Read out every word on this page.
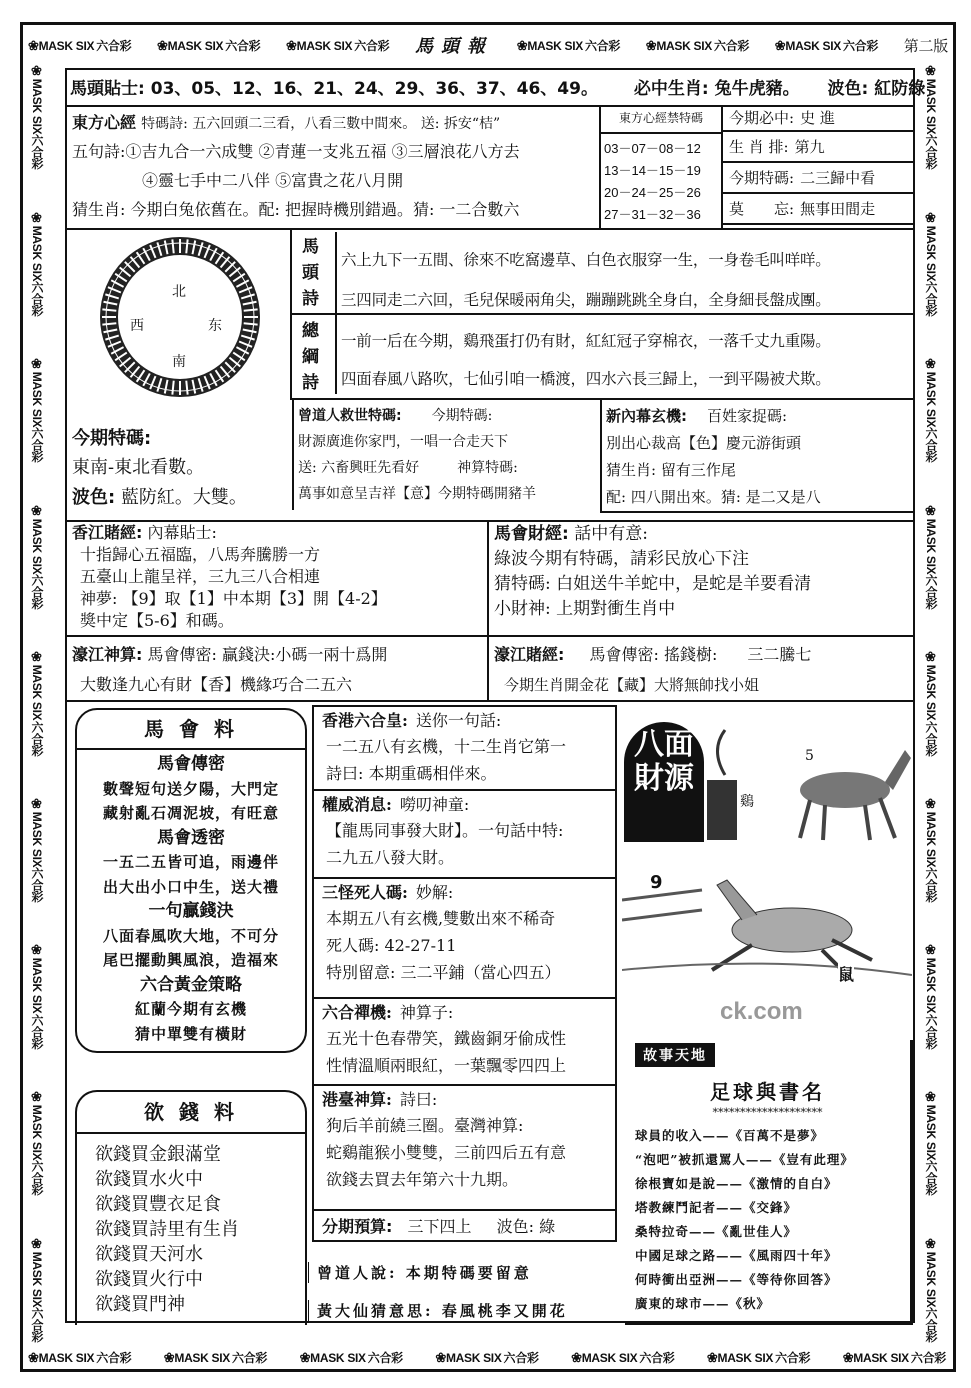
❀MASK SIX 六合彩 ❀MASK SIX 六合彩 ❀MASK SIX 六合彩 馬頭報 ❀MASK SIX 六合彩 ❀MASK SIX 六合彩 ❀MASK SIX 六合彩 第二版
❀MASK SIX 六合彩 ❀MASK SIX 六合彩 ❀MASK SIX 六合彩 ❀MASK SIX 六合彩 ❀MASK SIX 六合彩 ❀MASK SIX 六合彩 ❀MASK SIX 六合彩
❀MASK SIX六合彩
❀MASK SIX六合彩
❀MASK SIX六合彩
❀MASK SIX六合彩
❀MASK SIX六合彩
❀MASK SIX六合彩
❀MASK SIX六合彩
❀MASK SIX六合彩
❀MASK SIX六合彩
❀MASK SIX六合彩
❀MASK SIX六合彩
❀MASK SIX六合彩
❀MASK SIX六合彩
❀MASK SIX六合彩
❀MASK SIX六合彩
❀MASK SIX六合彩
❀MASK SIX六合彩
❀MASK SIX六合彩
馬頭貼士: 03、05、12、16、21、24、29、36、37、46、49。 必中生肖: 兔牛虎豬。 波色: 紅防綠
東方心經 特碼詩: 五六回頭二三看，八看三數中間來。 送: 拆安“桔”
五句詩:①吉九合一六成雙 ②青蓮一支兆五福 ③三層浪花八方去
④靈七手中二八伴 ⑤富貴之花八月開
猜生肖: 今期白兔依舊在。配: 把握時機別錯過。猜: 一二合數六
東方心經禁特碼
03－07－08－12
13－14－15－19
20－24－25－26
27－31－32－36
今期必中: 史 進
生 肖 排: 第九
今期特碼: 二三歸中看
莫　　忘: 無事田間走
北
西	东
南
馬
頭
詩
六上九下一五間、徐來不吃窩邊草、白色衣服穿一生，一身卷毛叫咩咩。
三四同走二六回，毛兒保暖兩角尖，蹦蹦跳跳全身白，全身細長盤成團。
總
綱
詩
一前一后在今期，鷄飛蛋打仍有財，紅紅冠子穿棉衣，一落千丈九重陽。
四面春風八路吹，七仙引咱一橋渡，四水六長三歸上，一到平陽被犬欺。
今期特碼:
東南-東北看數。
波色: 藍防紅。大雙。
曾道人救世特碼: 今期特碼:
財源廣進你家門，一唱一合走天下
送: 六畜興旺先看好	神算特碼:
萬事如意呈吉祥【意】今期特碼開豬羊
新內幕玄機: 百姓家捉碼:
別出心裁高【色】慶元游街頭
猜生肖: 留有三作尾
配: 四八開出來。猜: 是二又是八
香江賭經: 內幕貼士:
十指歸心五福臨，八馬奔騰勝一方
五臺山上龍呈祥，三九三八合相連
神夢: 【9】取【1】中本期【3】開【4-2】
獎中定【5-6】和碼。
馬會財經: 話中有意:
綠波今期有特碼，請彩民放心下注
猜特碼: 白姐送牛羊蛇中，是蛇是羊要看清
小財神: 上期對衝生肖中
濠江神算: 馬會傳密: 贏錢決:小碼一兩十爲開
大數逢九心有財【香】機緣巧合二五六
濠江賭經: 馬會傳密: 搖錢樹: 三二騰七
今期生肖開金花【藏】大將無帥找小姐
ck.com
馬 會 料
馬會傳密
數聲短句送夕陽，大門定
藏射亂石凋泥坡，有旺意
馬會透密
一五二五皆可追，雨邊伴
出大出小口中生，送大禮
一句贏錢決
八面春風吹大地，不可分
尾巴擺動興風浪，造福來
六合黃金策略
紅蘭今期有玄機
猜中單雙有橫財
欲 錢 料
欲錢買金銀滿堂
欲錢買水火中
欲錢買豐衣足食
欲錢買詩里有生肖
欲錢買天河水
欲錢買火行中
欲錢買門神
香港六合皇: 送你一句話:
一二五八有玄機，十二生肖它第一
詩曰: 本期重碼相伴來。
權威消息: 嘮叨神童:
【龍馬同事發大財】。一句話中特:
二九五八發大財。
三怪死人碼: 妙解:
本期五八有玄機,雙數出來不稀奇
死人碼: 42-27-11
特別留意: 三二平鋪（當心四五）
六合禪機: 神算子:
五光十色春帶笑，鐵齒銅牙偷成性
性情溫順兩眼紅，一葉飄零四四上
港臺神算: 詩曰:
狗后羊前繞三圈。臺灣神算:
蛇鷄龍猴小雙雙，三前四后五有意
欲錢去買去年第六十九期。
分期預算: 三下四上 波色: 綠
曾道人說: 本期特碼要留意
黃大仙猜意思: 春風桃李又開花
八面財源
5
鷄
9
鼠
故事天地
足球與書名
********************
球員的收入——《百萬不是夢》
“泡吧”被抓還罵人——《豈有此理》
徐根寶如是說——《激情的自白》
塔教練鬥記者——《交鋒》
桑特拉奇——《亂世佳人》
中國足球之路——《風雨四十年》
何時衝出亞洲——《等待你回答》
廣東的球市——《秋》
